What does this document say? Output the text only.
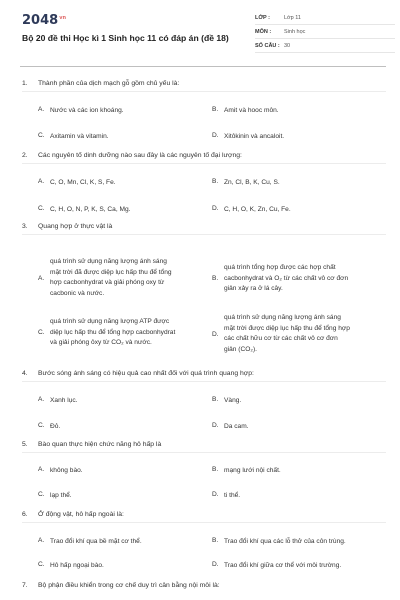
$2048^{vn}$
Bộ 20 đề thi Học kì 1 Sinh học 11 có đáp án (đề 18)
LỚP :	Lớp 11
MÔN :	Sinh học
SỐ CÂU : 30
1. Thành phần của dịch mạch gỗ gồm chủ yếu là:
A. Nước và các ion khoáng.	B. Amit và hooc môn.
C. Axitamin và vitamin.	D. Xitôkinin và ancaloit.
2. Các nguyên tố dinh dưỡng nào sau đây là các nguyên tố đại lượng:
A. C, O, Mn, Cl, K, S, Fe.	B. Zn, Cl, B, K, Cu, S.
C. C, H, O, N, P, K, S, Ca, Mg.	D. C, H, O, K, Zn, Cu, Fe.
3. Quang hợp ở thực vật là
A.
quá trình sử dụng năng lượng ánh sáng
mặt trời đã được diệp lục hấp thu để tổng
hợp cacbonhydrat và giải phóng oxy từ
cacbonic và nước.
B.
quá trình tổng hợp được các hợp chất
cacbonhydrat và O₂ từ các chất vô cơ đơn
giản xảy ra ở lá cây.
C.
quá trình sử dụng năng lượng ATP được
diệp lục hấp thu để tổng hợp cacbonhydrat
và giải phóng ôxy từ CO₂ và nước.
D.
quá trình sử dụng năng lượng ánh sáng
mặt trời được diệp lục hấp thu để tổng hợp
các chất hữu cơ từ các chất vô cơ đơn
giản (CO₂).
4. Bước sóng ánh sáng có hiệu quả cao nhất đối với quá trình quang hợp:
A. Xanh lục.	B. Vàng.
C. Đỏ.	D. Da cam.
5. Bào quan thực hiện chức năng hô hấp là
A. không bào.	B. mạng lưới nội chất.
C. lạp thể.	D. ti thể.
6. Ở động vật, hô hấp ngoài là:
A. Trao đổi khí qua bề mặt cơ thể.	B. Trao đổi khí qua các lỗ thở của côn trùng.
C. Hô hấp ngoại bào.	D. Trao đổi khí giữa cơ thể với môi trường.
7. Bộ phận điều khiển trong cơ chế duy trì cân bằng nội môi là:
